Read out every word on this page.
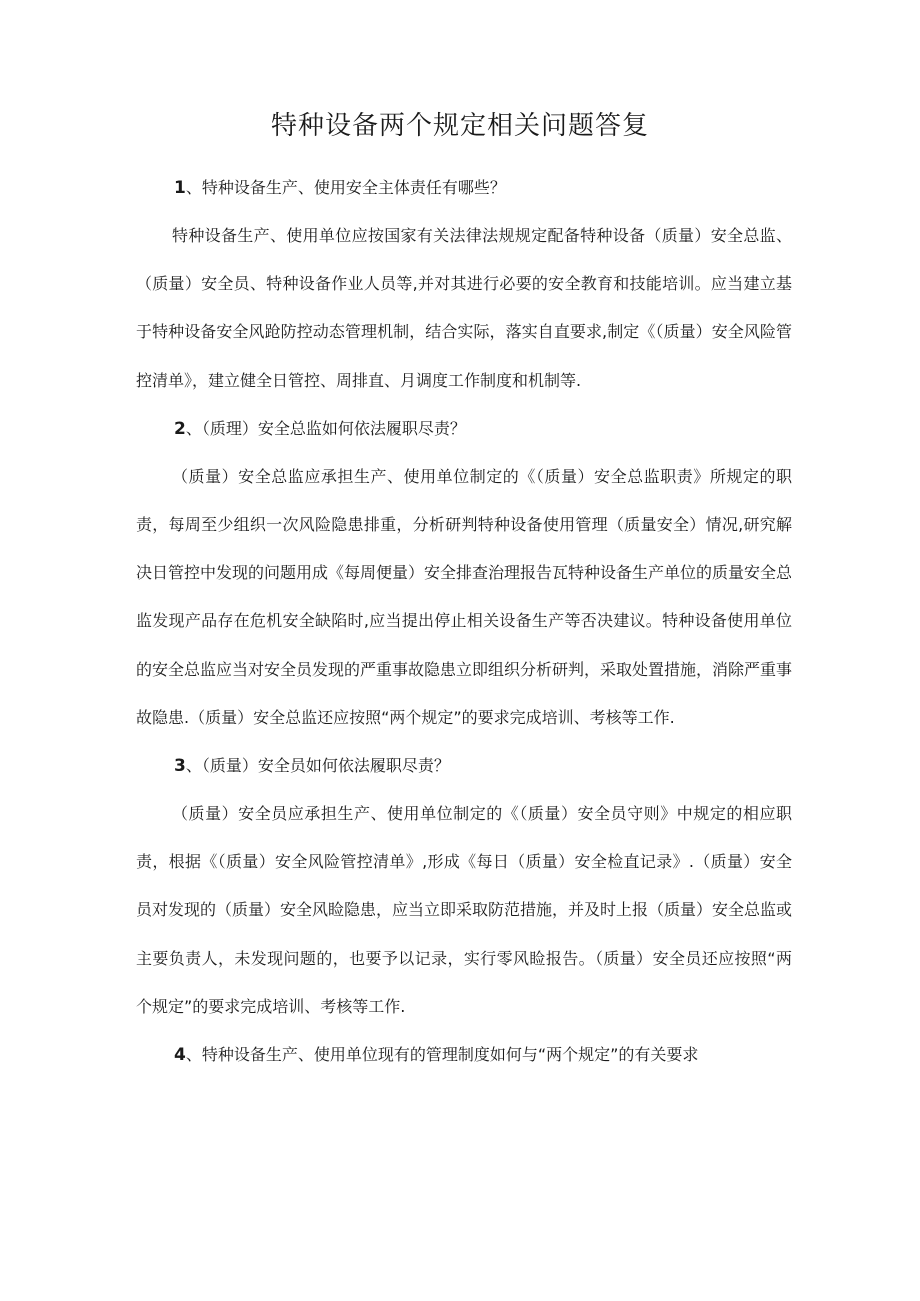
特种设备两个规定相关问题答复

1、特种设备生产、使用安全主体责任有哪些？

特种设备生产、使用单位应按国家有关法律法规规定配备特种设备（质量）安全总监、（质量）安全员、特种设备作业人员等,并对其进行必要的安全教育和技能培训。应当建立基于特种设备安全风跄防控动态管理机制，结合实际，落实自直要求,制定《（质量）安全风险管控清单》，建立健全日管控、周排直、月调度工作制度和机制等.

2、（质理）安全总监如何依法履职尽责？

（质量）安全总监应承担生产、使用单位制定的《（质量）安全总监职责》所规定的职责，每周至少组织一次风险隐患排重，分析研判特种设备使用管理（质量安全）情况,研究解决日管控中发现的问题用成《每周便量）安全排查治理报告瓦特种设备生产单位的质量安全总监发现产品存在危机安全缺陷时,应当提出停止相关设备生产等否决建议。特种设备使用单位的安全总监应当对安全员发现的严重事故隐患立即组织分析研判，采取处置措施，消除严重事故隐患.（质量）安全总监还应按照“两个规定”的要求完成培训、考核等工作.

3、（质量）安全员如何依法履职尽责？

（质量）安全员应承担生产、使用单位制定的《（质量）安全员守则》中规定的相应职责，根据《（质量）安全风险管控清单》,形成《每日（质量）安全检直记录》.（质量）安全员对发现的（质量）安全风睑隐患，应当立即采取防范措施，并及时上报（质量）安全总监或主要负责人，未发现问题的，也要予以记录，实行零风睑报告。（质量）安全员还应按照“两个规定”的要求完成培训、考核等工作.

4、特种设备生产、使用单位现有的管理制度如何与“两个规定”的有关要求
